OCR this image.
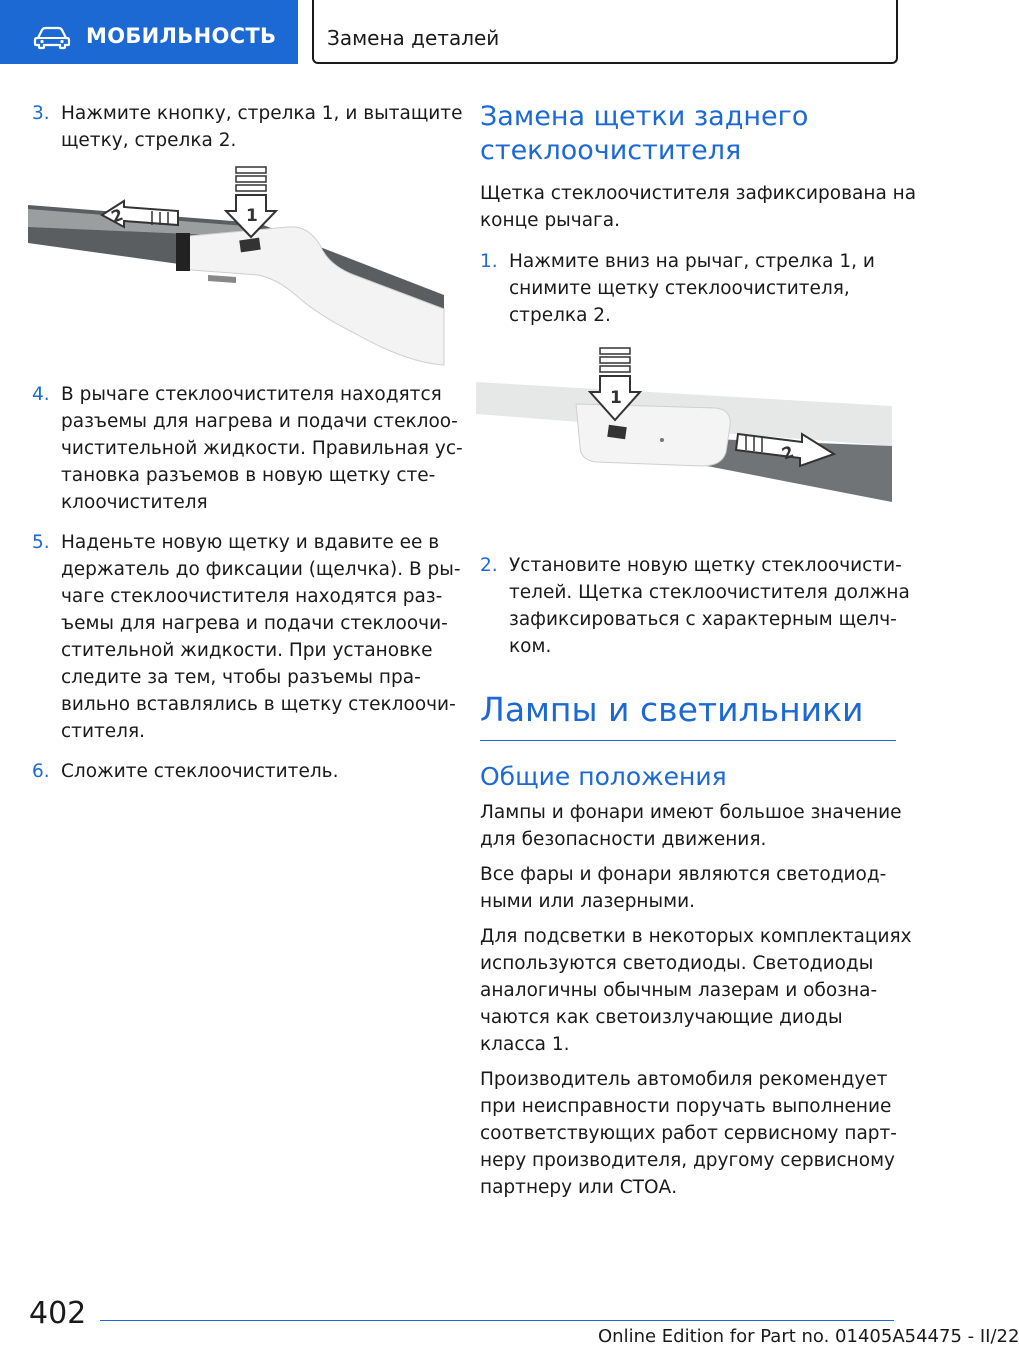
МОБИЛЬНОСТЬ	Замена деталей
3. Нажмите кнопку, стрелка 1, и вытащите
щетку, стрелка 2.
2	1
4. В рычаге стеклоочистителя находятся
разъемы для нагрева и подачи стеклоо‐
чистительной жидкости. Правильная ус‐
тановка разъемов в новую щетку сте‐
клоочистителя
5. Наденьте новую щетку и вдавите ее в
держатель до фиксации (щелчка). В ры‐
чаге стеклоочистителя находятся раз‐
ъемы для нагрева и подачи стеклоочи‐
стительной жидкости. При установке
следите за тем, чтобы разъемы пра‐
вильно вставлялись в щетку стеклоочи‐
стителя.
6. Сложите стеклоочиститель.
Замена щетки заднего
стеклоочистителя

Щетка стеклоочистителя зафиксирована на
конце рычага.

1. Нажмите вниз на рычаг, стрелка 1, и
снимите щетку стеклоочистителя,
стрелка 2.
1
2
2. Установите новую щетку стеклоочисти‐
телей. Щетка стеклоочистителя должна
зафиксироваться с характерным щелч‐
ком.
Лампы и светильники
Общие положения

Лампы и фонари имеют большое значение
для безопасности движения.

Все фары и фонари являются светодиод‐
ными или лазерными.

Для подсветки в некоторых комплектациях
используются светодиоды. Светодиоды
аналогичны обычным лазерам и обозна‐
чаются как светоизлучающие диоды
класса 1.

Производитель автомобиля рекомендует
при неисправности поручать выполнение
соответствующих работ сервисному парт‐
неру производителя, другому сервисному
партнеру или СТОА.

402
Online Edition for Part no. 01405A54475 - II/22
